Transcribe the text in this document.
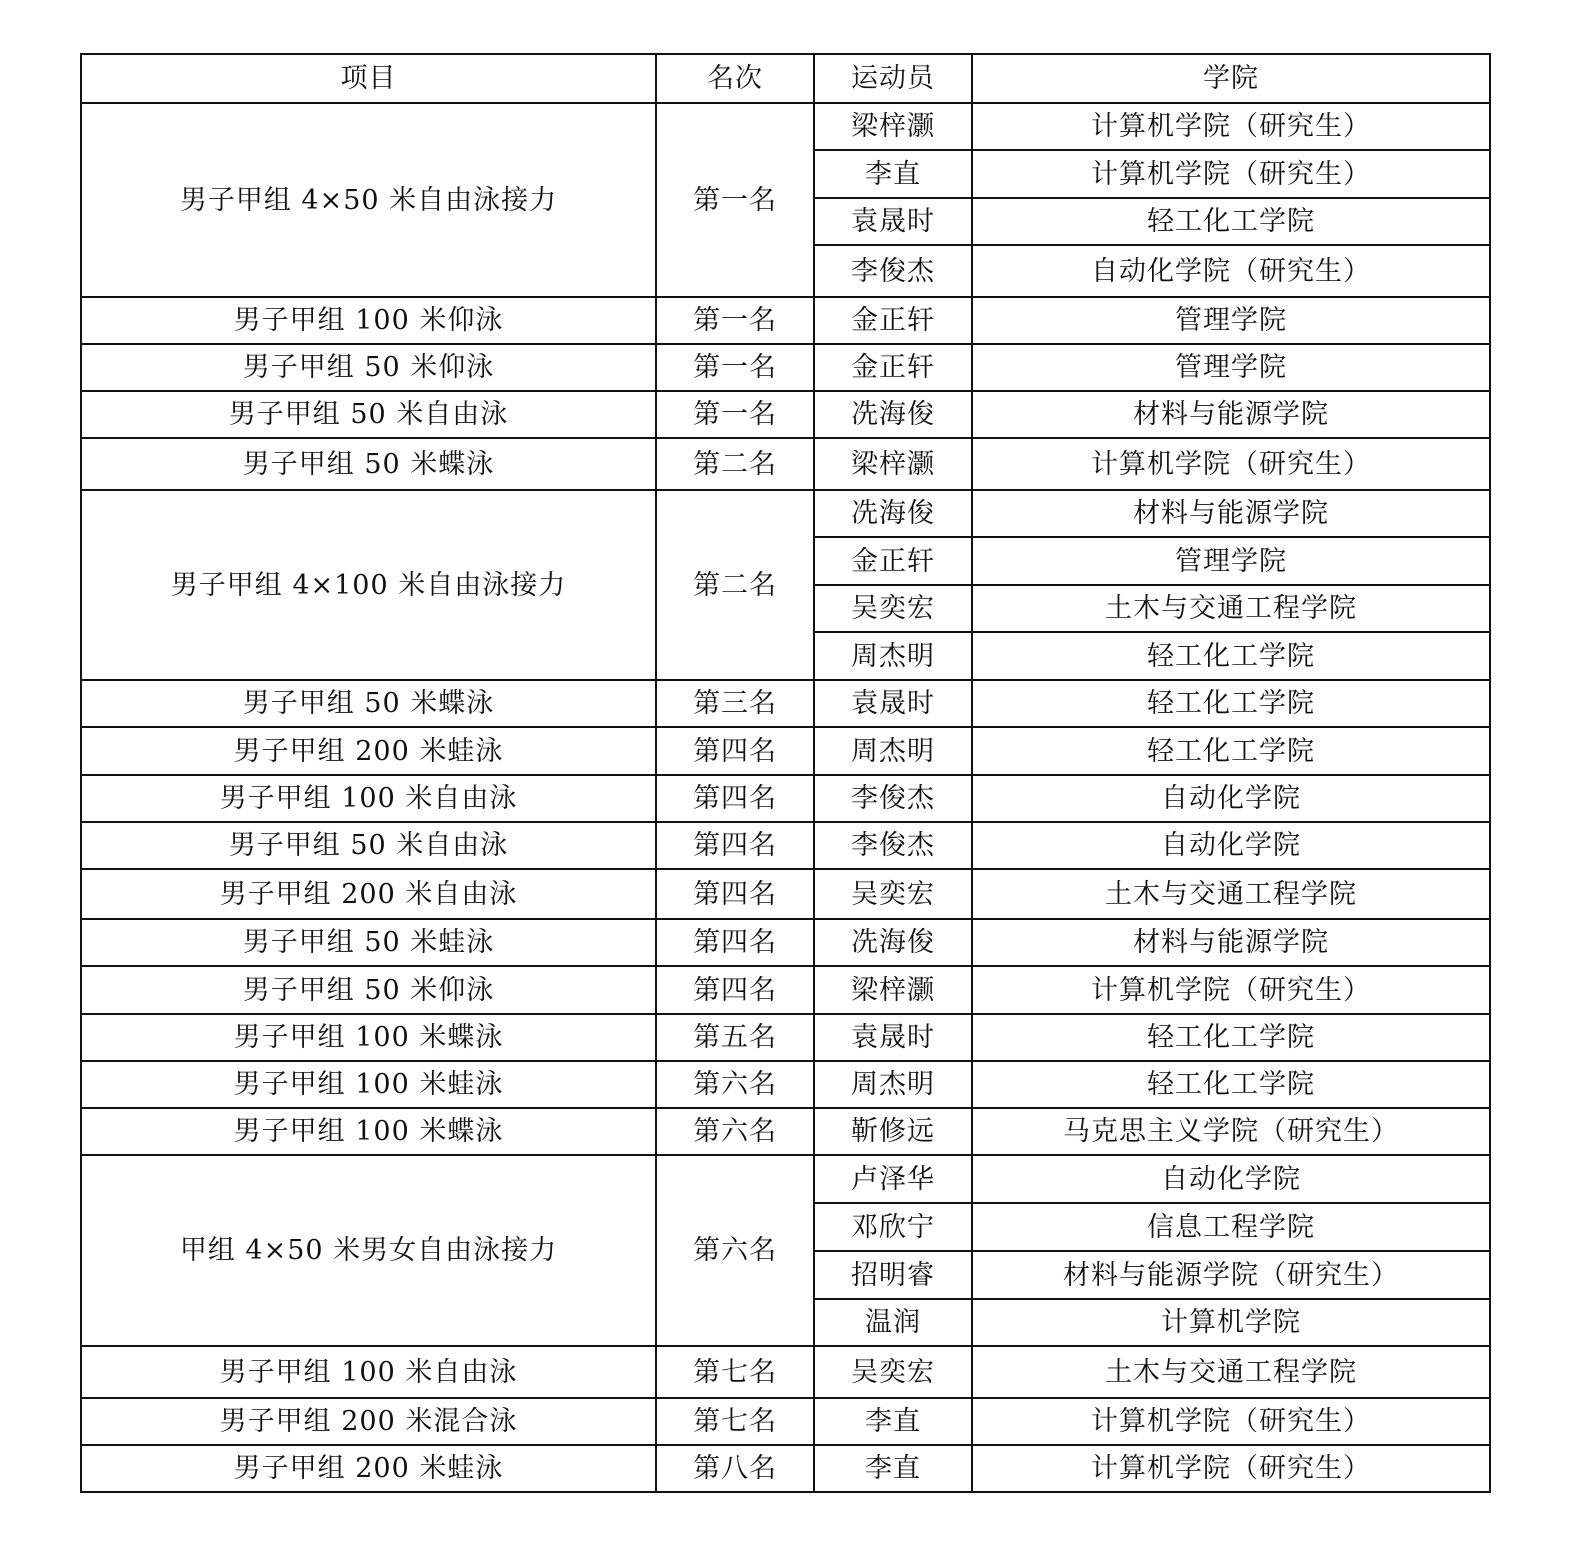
项目	名次	运动员	学院
男子甲组 4×50 米自由泳接力	第一名	梁梓灏	计算机学院（研究生）
		李直	计算机学院（研究生）
		袁晟时	轻工化工学院
		李俊杰	自动化学院（研究生）
男子甲组 100 米仰泳	第一名	金正轩	管理学院
男子甲组 50 米仰泳	第一名	金正轩	管理学院
男子甲组 50 米自由泳	第一名	冼海俊	材料与能源学院
男子甲组 50 米蝶泳	第二名	梁梓灏	计算机学院（研究生）
男子甲组 4×100 米自由泳接力	第二名	冼海俊	材料与能源学院
		金正轩	管理学院
		吴奕宏	土木与交通工程学院
		周杰明	轻工化工学院
男子甲组 50 米蝶泳	第三名	袁晟时	轻工化工学院
男子甲组 200 米蛙泳	第四名	周杰明	轻工化工学院
男子甲组 100 米自由泳	第四名	李俊杰	自动化学院
男子甲组 50 米自由泳	第四名	李俊杰	自动化学院
男子甲组 200 米自由泳	第四名	吴奕宏	土木与交通工程学院
男子甲组 50 米蛙泳	第四名	冼海俊	材料与能源学院
男子甲组 50 米仰泳	第四名	梁梓灏	计算机学院（研究生）
男子甲组 100 米蝶泳	第五名	袁晟时	轻工化工学院
男子甲组 100 米蛙泳	第六名	周杰明	轻工化工学院
男子甲组 100 米蝶泳	第六名	靳修远	马克思主义学院（研究生）
甲组 4×50 米男女自由泳接力	第六名	卢泽华	自动化学院
		邓欣宁	信息工程学院
		招明睿	材料与能源学院（研究生）
		温润	计算机学院
男子甲组 100 米自由泳	第七名	吴奕宏	土木与交通工程学院
男子甲组 200 米混合泳	第七名	李直	计算机学院（研究生）
男子甲组 200 米蛙泳	第八名	李直	计算机学院（研究生）
